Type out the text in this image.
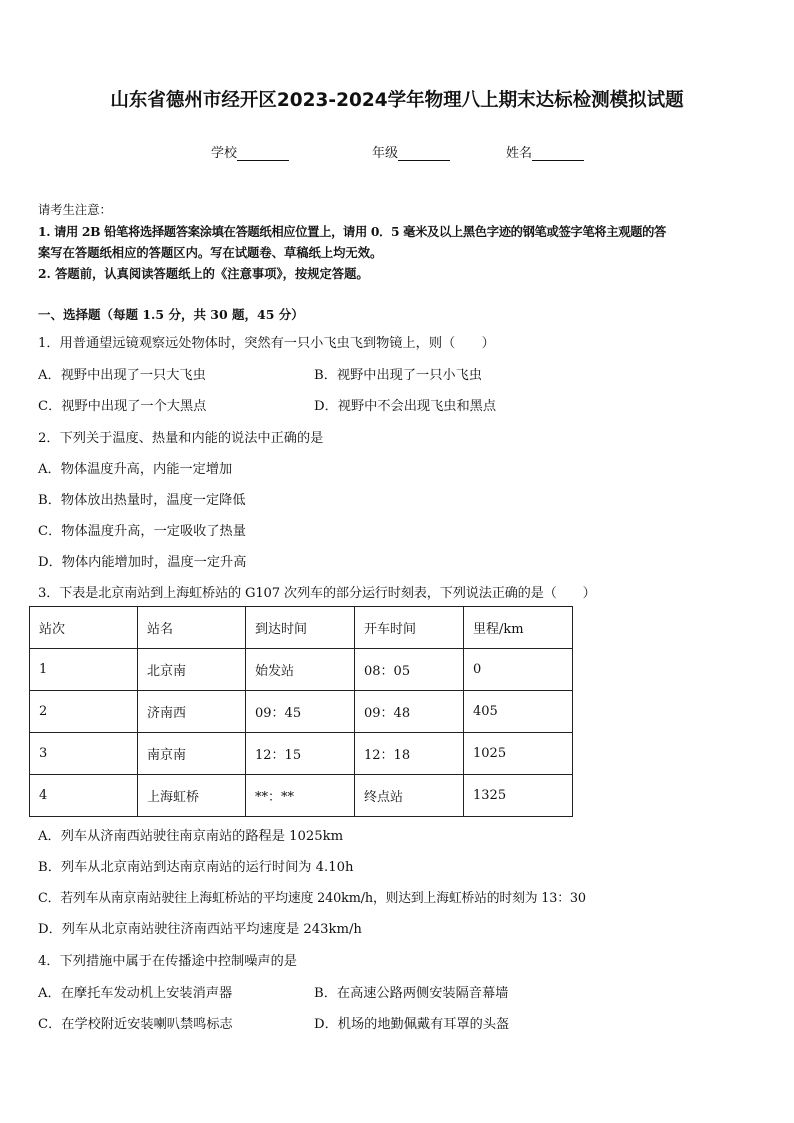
山东省德州市经开区2023-2024学年物理八上期末达标检测模拟试题
学校	年级	姓名
请考生注意：
1. 请用 2B 铅笔将选择题答案涂填在答题纸相应位置上，请用 0．5 毫米及以上黑色字迹的钢笔或签字笔将主观题的答
案写在答题纸相应的答题区内。写在试题卷、草稿纸上均无效。
2. 答题前，认真阅读答题纸上的《注意事项》，按规定答题。
一、选择题（每题 1.5 分，共 30 题，45 分）
1．用普通望远镜观察远处物体时，突然有一只小飞虫飞到物镜上，则（　　）
A．视野中出现了一只大飞虫	B．视野中出现了一只小飞虫
C．视野中出现了一个大黑点	D．视野中不会出现飞虫和黑点
2．下列关于温度、热量和内能的说法中正确的是
A．物体温度升高，内能一定增加
B．物体放出热量时，温度一定降低
C．物体温度升高，一定吸收了热量
D．物体内能增加时，温度一定升高
3．下表是北京南站到上海虹桥站的 G107 次列车的部分运行时刻表，下列说法正确的是（　　）
站次	站名	到达时间	开车时间	里程/km
1	北京南	始发站	08：05	0
2	济南西	09：45	09：48	405
3	南京南	12：15	12：18	1025
4	上海虹桥	**：**	终点站	1325
A．列车从济南西站驶往南京南站的路程是 1025km
B．列车从北京南站到达南京南站的运行时间为 4.10h
C．若列车从南京南站驶往上海虹桥站的平均速度 240km/h，则达到上海虹桥站的时刻为 13：30
D．列车从北京南站驶往济南西站平均速度是 243km/h
4．下列措施中属于在传播途中控制噪声的是
A．在摩托车发动机上安装消声器	B．在高速公路两侧安装隔音幕墙
C．在学校附近安装喇叭禁鸣标志	D．机场的地勤佩戴有耳罩的头盔
